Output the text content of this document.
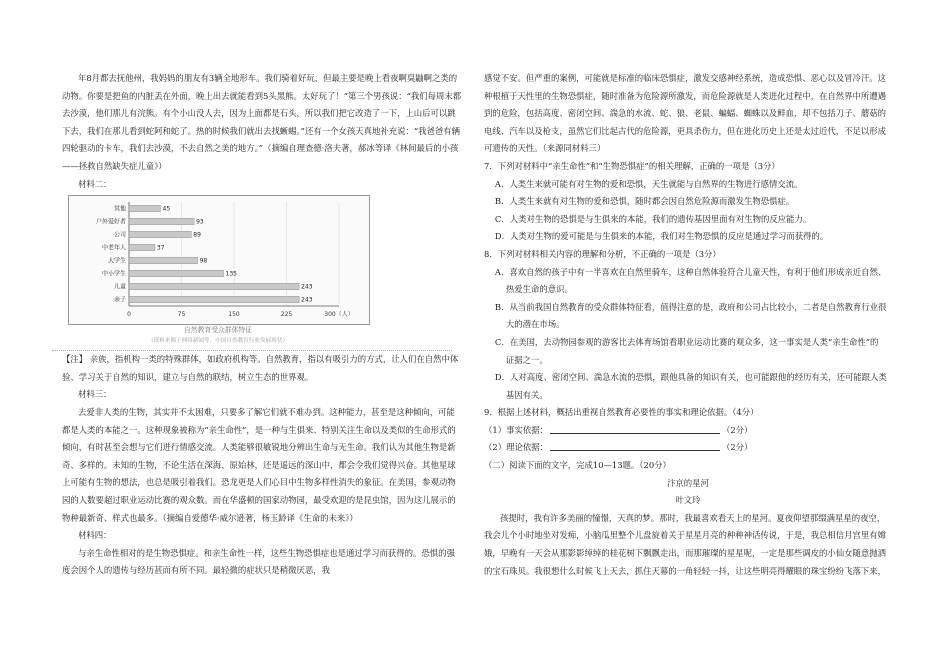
年8月都去抚他州，我妈妈的朋友有3辆全地形车。我们骑着好玩，但最主要是晚上看夜啊臭鼬啊之类的动物。你要是把鱼的内脏丢在外面，晚上出去就能看到5头黑熊。太好玩了！”第三个男孩说：“我们每周末都去沙漠，他们那儿有浣熊。有个小山没人去，因为上面都是石头，所以我们把它改造了一下，上山后可以跳下去，我们在那儿看到蛇阿和蛇了。热的时候我们就出去找蜥蜴。”还有一个女孩天真地补充说：“我爸爸有辆四轮驱动的卡车，我们去沙漠，不去自然之美的地方。”（摘编自理查德·洛夫著，郝冰等译《林间最后的小孩——拯救自然缺失症儿童》）

材料二：

0	75	150	225	300（人）
亲子	243
儿童	243
中小学生	135
大学生	98
中老年人	37
公司	89
户外爱好者	93
其他	45
自然教育受众群体特征
（资料来源于网络新闻等，中国自然教育行业发展现状）

【注】 亲族，指机构一类的特殊群体，如政府机构等。自然教育，指以有吸引力的方式，让人们在自然中体验、学习关于自然的知识，建立与自然的联结，树立生态的世界观。

材料三：

去爱非人类的生物，其实并不太困难，只要多了解它们就不难办到。这种能力，甚至是这种倾向，可能都是人类的本能之一。这种现象被称为“亲生命性”，是一种与生俱来、特别关注生命以及类似的生命形式的倾向，有时甚至会想与它们进行情感交流。人类能够很敏锐地分辨出生命与无生命。我们认为其他生物是新奇、多样的。未知的生物，不论生活在深海、原始林，还是遥远的深山中，都会令我们觉得兴奋。其他星球上可能有生物的想法，也总是吸引着我们。恐龙更是人们心目中生物多样性消失的象征。在美国，参观动物园的人数要超过职业运动比赛的观众数。而在华盛顿的国家动物园，最受欢迎的是昆虫馆，因为这儿展示的物种最新奇、样式也最多。（摘编自爱德华·威尔逊著，杨玉龄译《生命的未来》）

材料四：

与亲生命性相对的是生物恐惧症。和亲生命性一样，这些生物恐惧症也是通过学习而获得的。恐惧的强度会因个人的遗传与经历甚而有所不同。最轻微的症状只是稍微厌恶，我

感觉不安。但严重的案例，可能就是标准的临床恐惧症，激发交感神经系统，造成恐惧、恶心以及冒冷汗。这种根植于天性里的生物恐惧症，随时准备为危险源所激发，而危险源就是人类进化过程中，在自然界中所遭遇到的危险，包括高度、密闭空间、湍急的水流、蛇、狼、老鼠、蝙蝠、蜘蛛以及鲜血，却不包括刀子、蘑菇的电线、汽车以及枪支，虽然它们比起古代的危险源，更具杀伤力，但在进化历史上还是太过近代，不足以形成可遗传的天性。（来源同材料三）

7．下列对材料中“亲生命性”和“生物恐惧症”的相关理解，正确的一项是（3分）

A．人类生来就可能有对生物的爱和恐惧，天生就能与自然界的生物进行感情交流。

B．人类生来就有对生物的爱和恐惧，随时都会因自然危险源而激发生物恐惧症。

C．人类对生物的恐惧是与生俱来的本能，我们的遗传基因里面有对生物的反应能力。

D．人类对生物的爱可能是与生俱来的本能，我们对生物恐惧的反应是通过学习而获得的。

8．下列对材料相关内容的理解和分析，不正确的一项是（3分）

A．喜欢自然的孩子中有一半喜欢在自然里骑车，这种自然体验符合儿童天性，有利于他们形成亲近自然、

热爱生命的意识。

B．从当前我国自然教育的受众群体特征看，值得注意的是，政府和公司占比较小，二者是自然教育行业很

大的潜在市场。

C．在美国，去动物园参观的游客比去体育场馆看职业运动比赛的观众多，这一事实是人类“亲生命性”的

证据之一。

D．人对高度、密闭空间、湍急水流的恐惧，跟他具备的知识有关，也可能跟他的经历有关，还可能跟人类

基因有关。

9．根据上述材料，概括出重视自然教育必要性的事实和理论依据。（4分）

（1）事实依据：	（2分）

（2）理论依据：	（2分）

（二）阅读下面的文字，完成10—13题。（20分）

汴京的星河

叶文玲

孩提时，我有许多美丽的憧憬，天真的梦。那时，我最喜欢看天上的星河。夏夜仰望那缀满星星的夜空，我会儿个小时地坐对发痴，小脑瓜里整个儿盘旋着关于星星月亮的种种神话传说，于是，我总相信月宫里有嫦娥，早晚有一天会从那影影绰绰的桂花树下飘飘走出，而那璀璨的星星呢，一定是那些调皮的小仙女随意抛洒的宝石珠贝。我很想什么时候飞上天去，抓住天幕的一角轻轻一抖，让这些明亮得耀眼的珠宝纷纷飞落下来，
